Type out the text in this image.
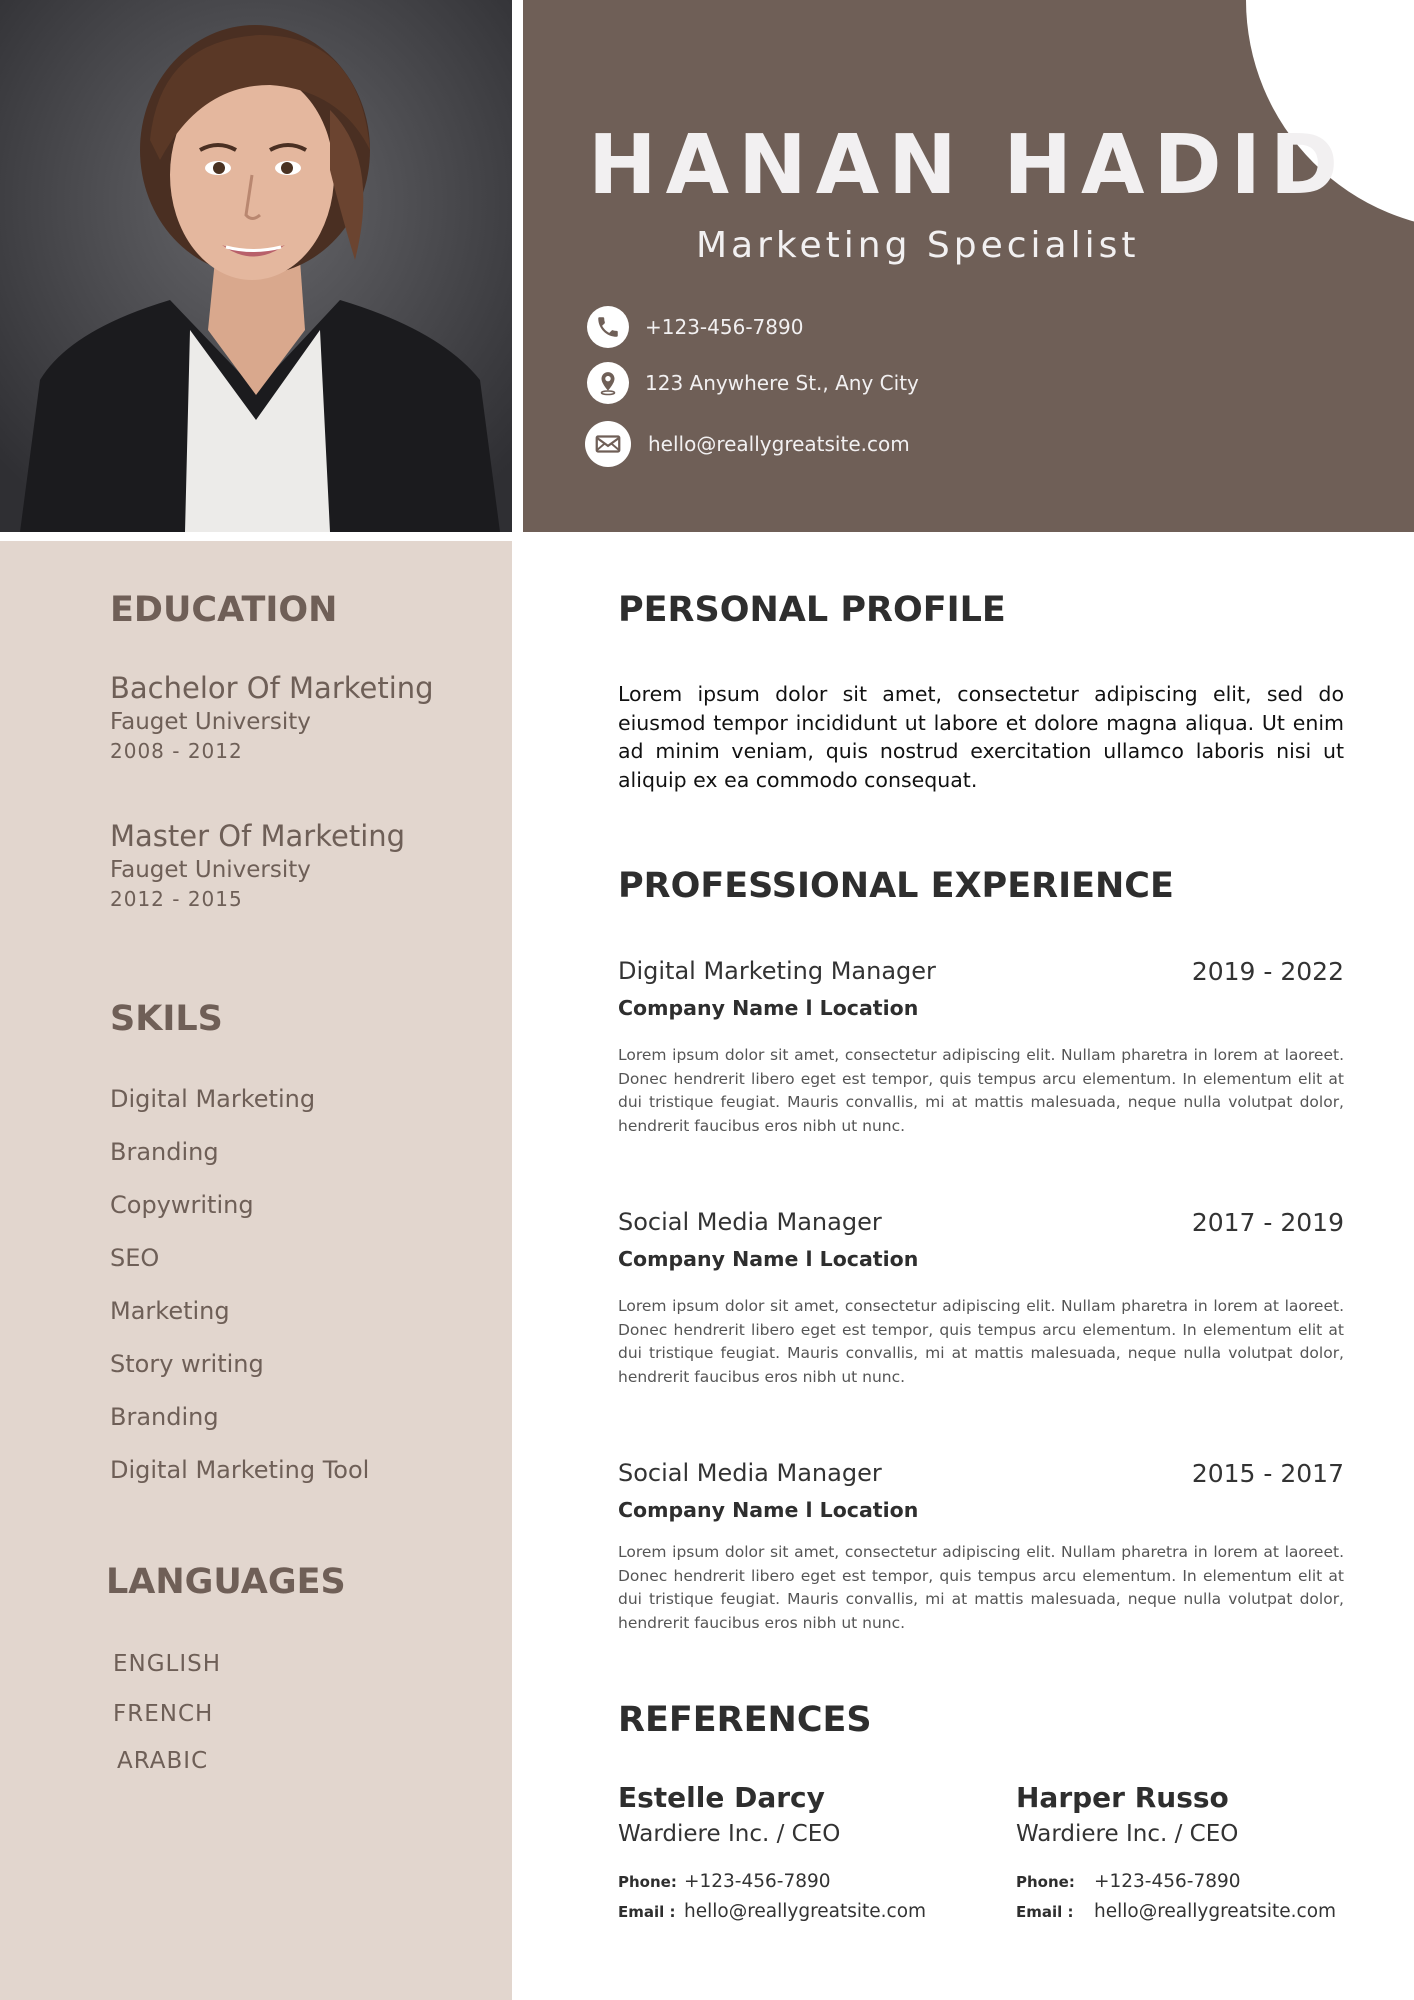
HANAN HADID
Marketing Specialist
+123-456-7890
123 Anywhere St., Any City
hello@reallygreatsite.com
EDUCATION
Bachelor Of Marketing
Fauget University
2008 - 2012
Master Of Marketing
Fauget University
2012 - 2015
SKILS
Digital Marketing
Branding
Copywriting
SEO
Marketing
Story writing
Branding
Digital Marketing Tool
LANGUAGES
ENGLISH
FRENCH
ARABIC
PERSONAL PROFILE
Lorem ipsum dolor sit amet, consectetur adipiscing elit, sed do eiusmod tempor incididunt ut labore et dolore magna aliqua. Ut enim ad minim veniam, quis nostrud exercitation ullamco laboris nisi ut aliquip ex ea commodo consequat.
PROFESSIONAL EXPERIENCE
Digital Marketing Manager	2019 - 2022
Company Name l Location
Lorem ipsum dolor sit amet, consectetur adipiscing elit. Nullam pharetra in lorem at laoreet. Donec hendrerit libero eget est tempor, quis tempus arcu elementum. In elementum elit at dui tristique feugiat. Mauris convallis, mi at mattis malesuada, neque nulla volutpat dolor, hendrerit faucibus eros nibh ut nunc.
Social Media Manager	2017 - 2019
Company Name l Location
Lorem ipsum dolor sit amet, consectetur adipiscing elit. Nullam pharetra in lorem at laoreet. Donec hendrerit libero eget est tempor, quis tempus arcu elementum. In elementum elit at dui tristique feugiat. Mauris convallis, mi at mattis malesuada, neque nulla volutpat dolor, hendrerit faucibus eros nibh ut nunc.
Social Media Manager	2015 - 2017
Company Name l Location
Lorem ipsum dolor sit amet, consectetur adipiscing elit. Nullam pharetra in lorem at laoreet. Donec hendrerit libero eget est tempor, quis tempus arcu elementum. In elementum elit at dui tristique feugiat. Mauris convallis, mi at mattis malesuada, neque nulla volutpat dolor, hendrerit faucibus eros nibh ut nunc.
REFERENCES
Estelle Darcy
Wardiere Inc. / CEO
Phone: +123-456-7890
Email : hello@reallygreatsite.com
Harper Russo
Wardiere Inc. / CEO
Phone: +123-456-7890
Email : hello@reallygreatsite.com
